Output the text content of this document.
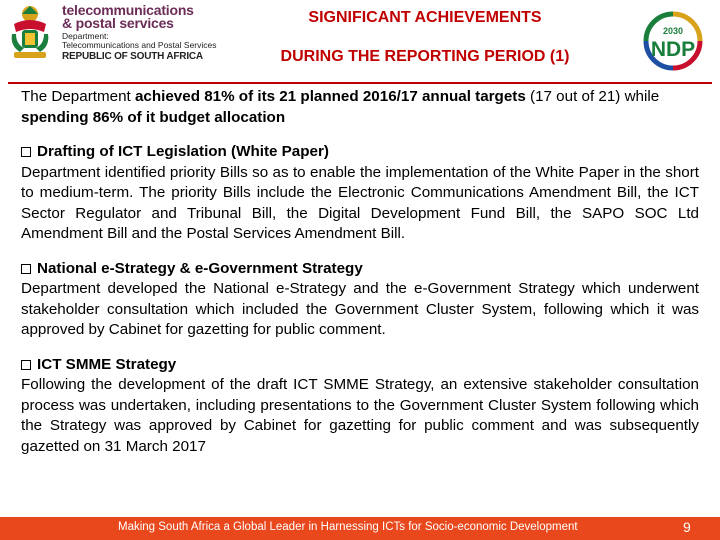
telecommunications
& postal services
Department:
Telecommunications and Postal Services
REPUBLIC OF SOUTH AFRICA
SIGNIFICANT ACHIEVEMENTS
DURING THE REPORTING PERIOD (1)
2030
NDP

The Department achieved 81% of its 21 planned 2016/17 annual targets (17 out of 21) while spending 86% of it budget allocation

Drafting of ICT Legislation (White Paper)

Department identified priority Bills so as to enable the implementation of the White Paper in the short to medium-term. The priority Bills include the Electronic Communications Amendment Bill, the ICT Sector Regulator and Tribunal Bill, the Digital Development Fund Bill, the SAPO SOC Ltd Amendment Bill and the Postal Services Amendment Bill.

National e-Strategy & e-Government Strategy

Department developed the National e-Strategy and the e-Government Strategy which underwent stakeholder consultation which included the Government Cluster System, following which it was approved by Cabinet for gazetting for public comment.

ICT SMME Strategy

Following the development of the draft ICT SMME Strategy, an extensive stakeholder consultation process was undertaken, including presentations to the Government Cluster System following which the Strategy was approved by Cabinet for gazetting for public comment and was subsequently gazetted on 31 March 2017

Making South Africa a Global Leader in Harnessing ICTs for Socio-economic Development	9
